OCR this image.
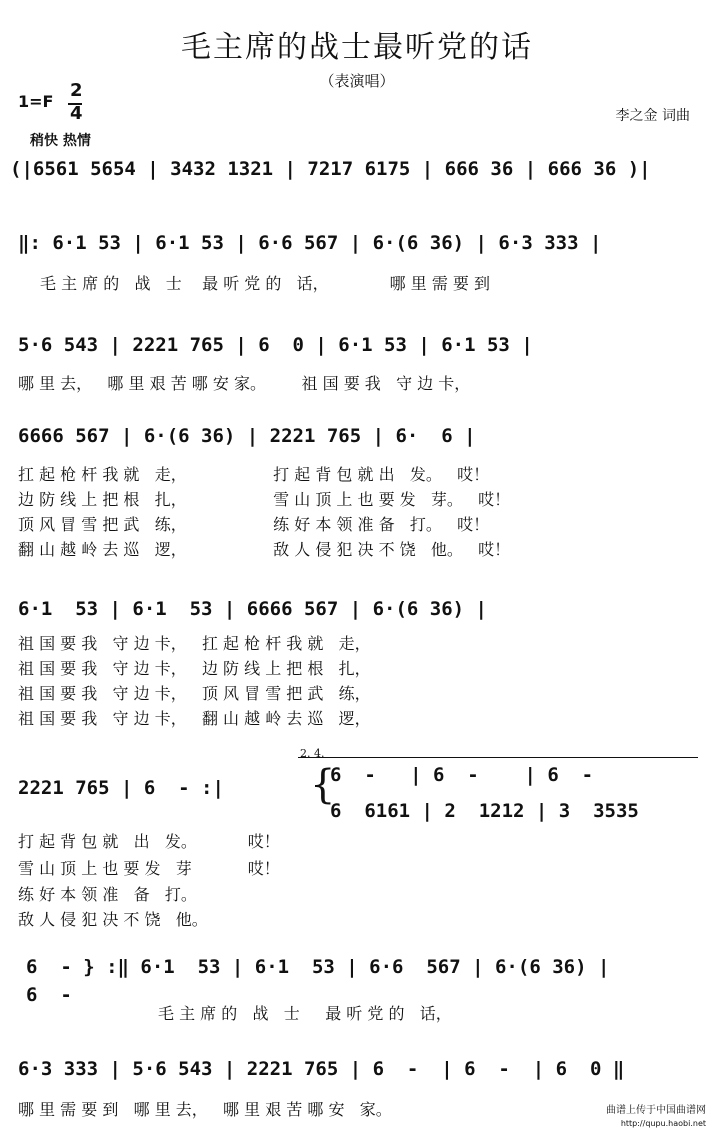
毛主席的战士最听党的话
（表演唱）
1=F
2
4	李之金 词曲
稍快 热情
(|6561 5654 | 3432 1321 | 7217 6175 | 666 36 | 666 36 )|
‖: 6·1 53 | 6·1 53 | 6·6 567 | 6·(6 36) | 6·3 333 |
毛 主 席 的   战   士    最 听 党 的   话，            哪 里 需 要 到
5·6 543 | 2221 765 | 6  0 | 6·1 53 | 6·1 53 |
哪 里 去，   哪 里 艰 苦 哪 安 家。       祖 国 要 我   守 边 卡，
6666 567 | 6·(6 36) | 2221 765 | 6·  6 |
扛 起 枪 杆 我 就   走，                 打 起 背 包 就 出   发。   哎！
边 防 线 上 把 根   扎，                 雪 山 顶 上 也 要 发   芽。   哎！
顶 风 冒 雪 把 武   练，                 练 好 本 领 准 备   打。   哎！
翻 山 越 岭 去 巡   逻，                 敌 人 侵 犯 决 不 饶   他。   哎！
6·1  53 | 6·1  53 | 6666 567 | 6·(6 36) |
祖 国 要 我   守 边 卡，   扛 起 枪 杆 我 就   走，
祖 国 要 我   守 边 卡，   边 防 线 上 把 根   扎，
祖 国 要 我   守 边 卡，   顶 风 冒 雪 把 武   练，
祖 国 要 我   守 边 卡，   翻 山 越 岭 去 巡   逻，
2. 4.
2221 765 | 6  - :| {
6  -   | 6  -    | 6  -
6  6161 | 2  1212 | 3  3535
打 起 背 包 就   出   发。          哎！
雪 山 顶 上 也 要 发   芽           哎！
练 好 本 领 准   备   打。
敌 人 侵 犯 决 不 饶   他。
6  - } :‖ 6·1  53 | 6·1  53 | 6·6  567 | 6·(6 36) |
6  -
毛 主 席 的   战   士     最 听 党 的   话，
6·3 333 | 5·6 543 | 2221 765 | 6  -  | 6  -  | 6  0 ‖
哪 里 需 要 到   哪 里 去，   哪 里 艰 苦 哪 安   家。	曲谱上传于中国曲谱网
http://qupu.haobi.net
